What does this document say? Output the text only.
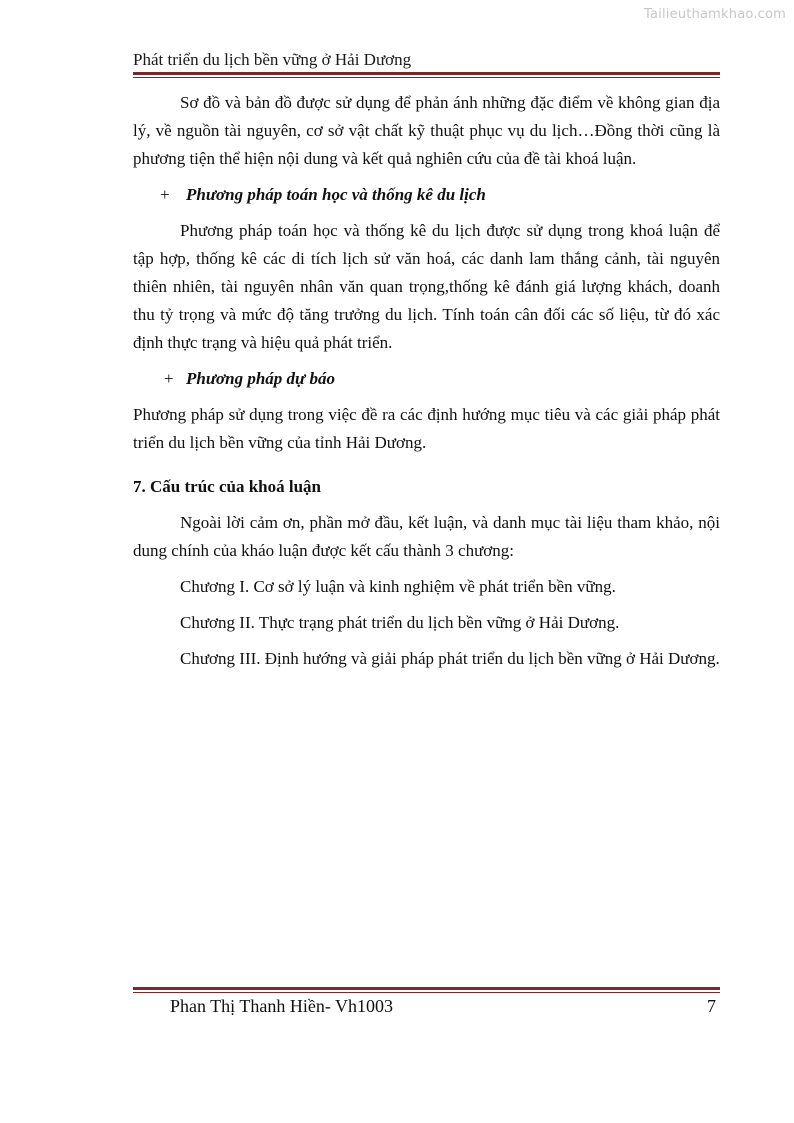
Tailieuthamkhao.com
Phát triển du lịch bền vững ở Hải Dương

Sơ đồ và bản đồ được sử dụng để phản ánh những đặc điểm về không gian địa lý, về nguồn tài nguyên, cơ sở vật chất kỹ thuật phục vụ du lịch…Đồng thời cũng là phương tiện thể hiện nội dung và kết quả nghiên cứu của đề tài khoá luận.

+ Phương pháp toán học và thống kê du lịch

Phương pháp toán học và thống kê du lịch được sử dụng trong khoá luận để tập hợp, thống kê các di tích lịch sử văn hoá, các danh lam thắng cảnh, tài nguyên thiên nhiên, tài nguyên nhân văn quan trọng,thống kê đánh giá lượng khách, doanh thu tỷ trọng và mức độ tăng trưởng du lịch. Tính toán cân đối các số liệu, từ đó xác định thực trạng và hiệu quả phát triển.

+ Phương pháp dự báo

Phương pháp sử dụng trong việc đề ra các định hướng mục tiêu và các giải pháp phát triển du lịch bền vững của tỉnh Hải Dương.

7. Cấu trúc của khoá luận

Ngoài lời cảm ơn, phần mở đầu, kết luận, và danh mục tài liệu tham khảo, nội dung chính của kháo luận được kết cấu thành 3 chương:

Chương I. Cơ sở lý luận và kinh nghiệm về phát triển bền vững.

Chương II. Thực trạng phát triển du lịch bền vững ở Hải Dương.

Chương III. Định hướng và giải pháp phát triển du lịch bền vững ở Hải Dương.

Phan Thị Thanh Hiền- Vh1003	7
